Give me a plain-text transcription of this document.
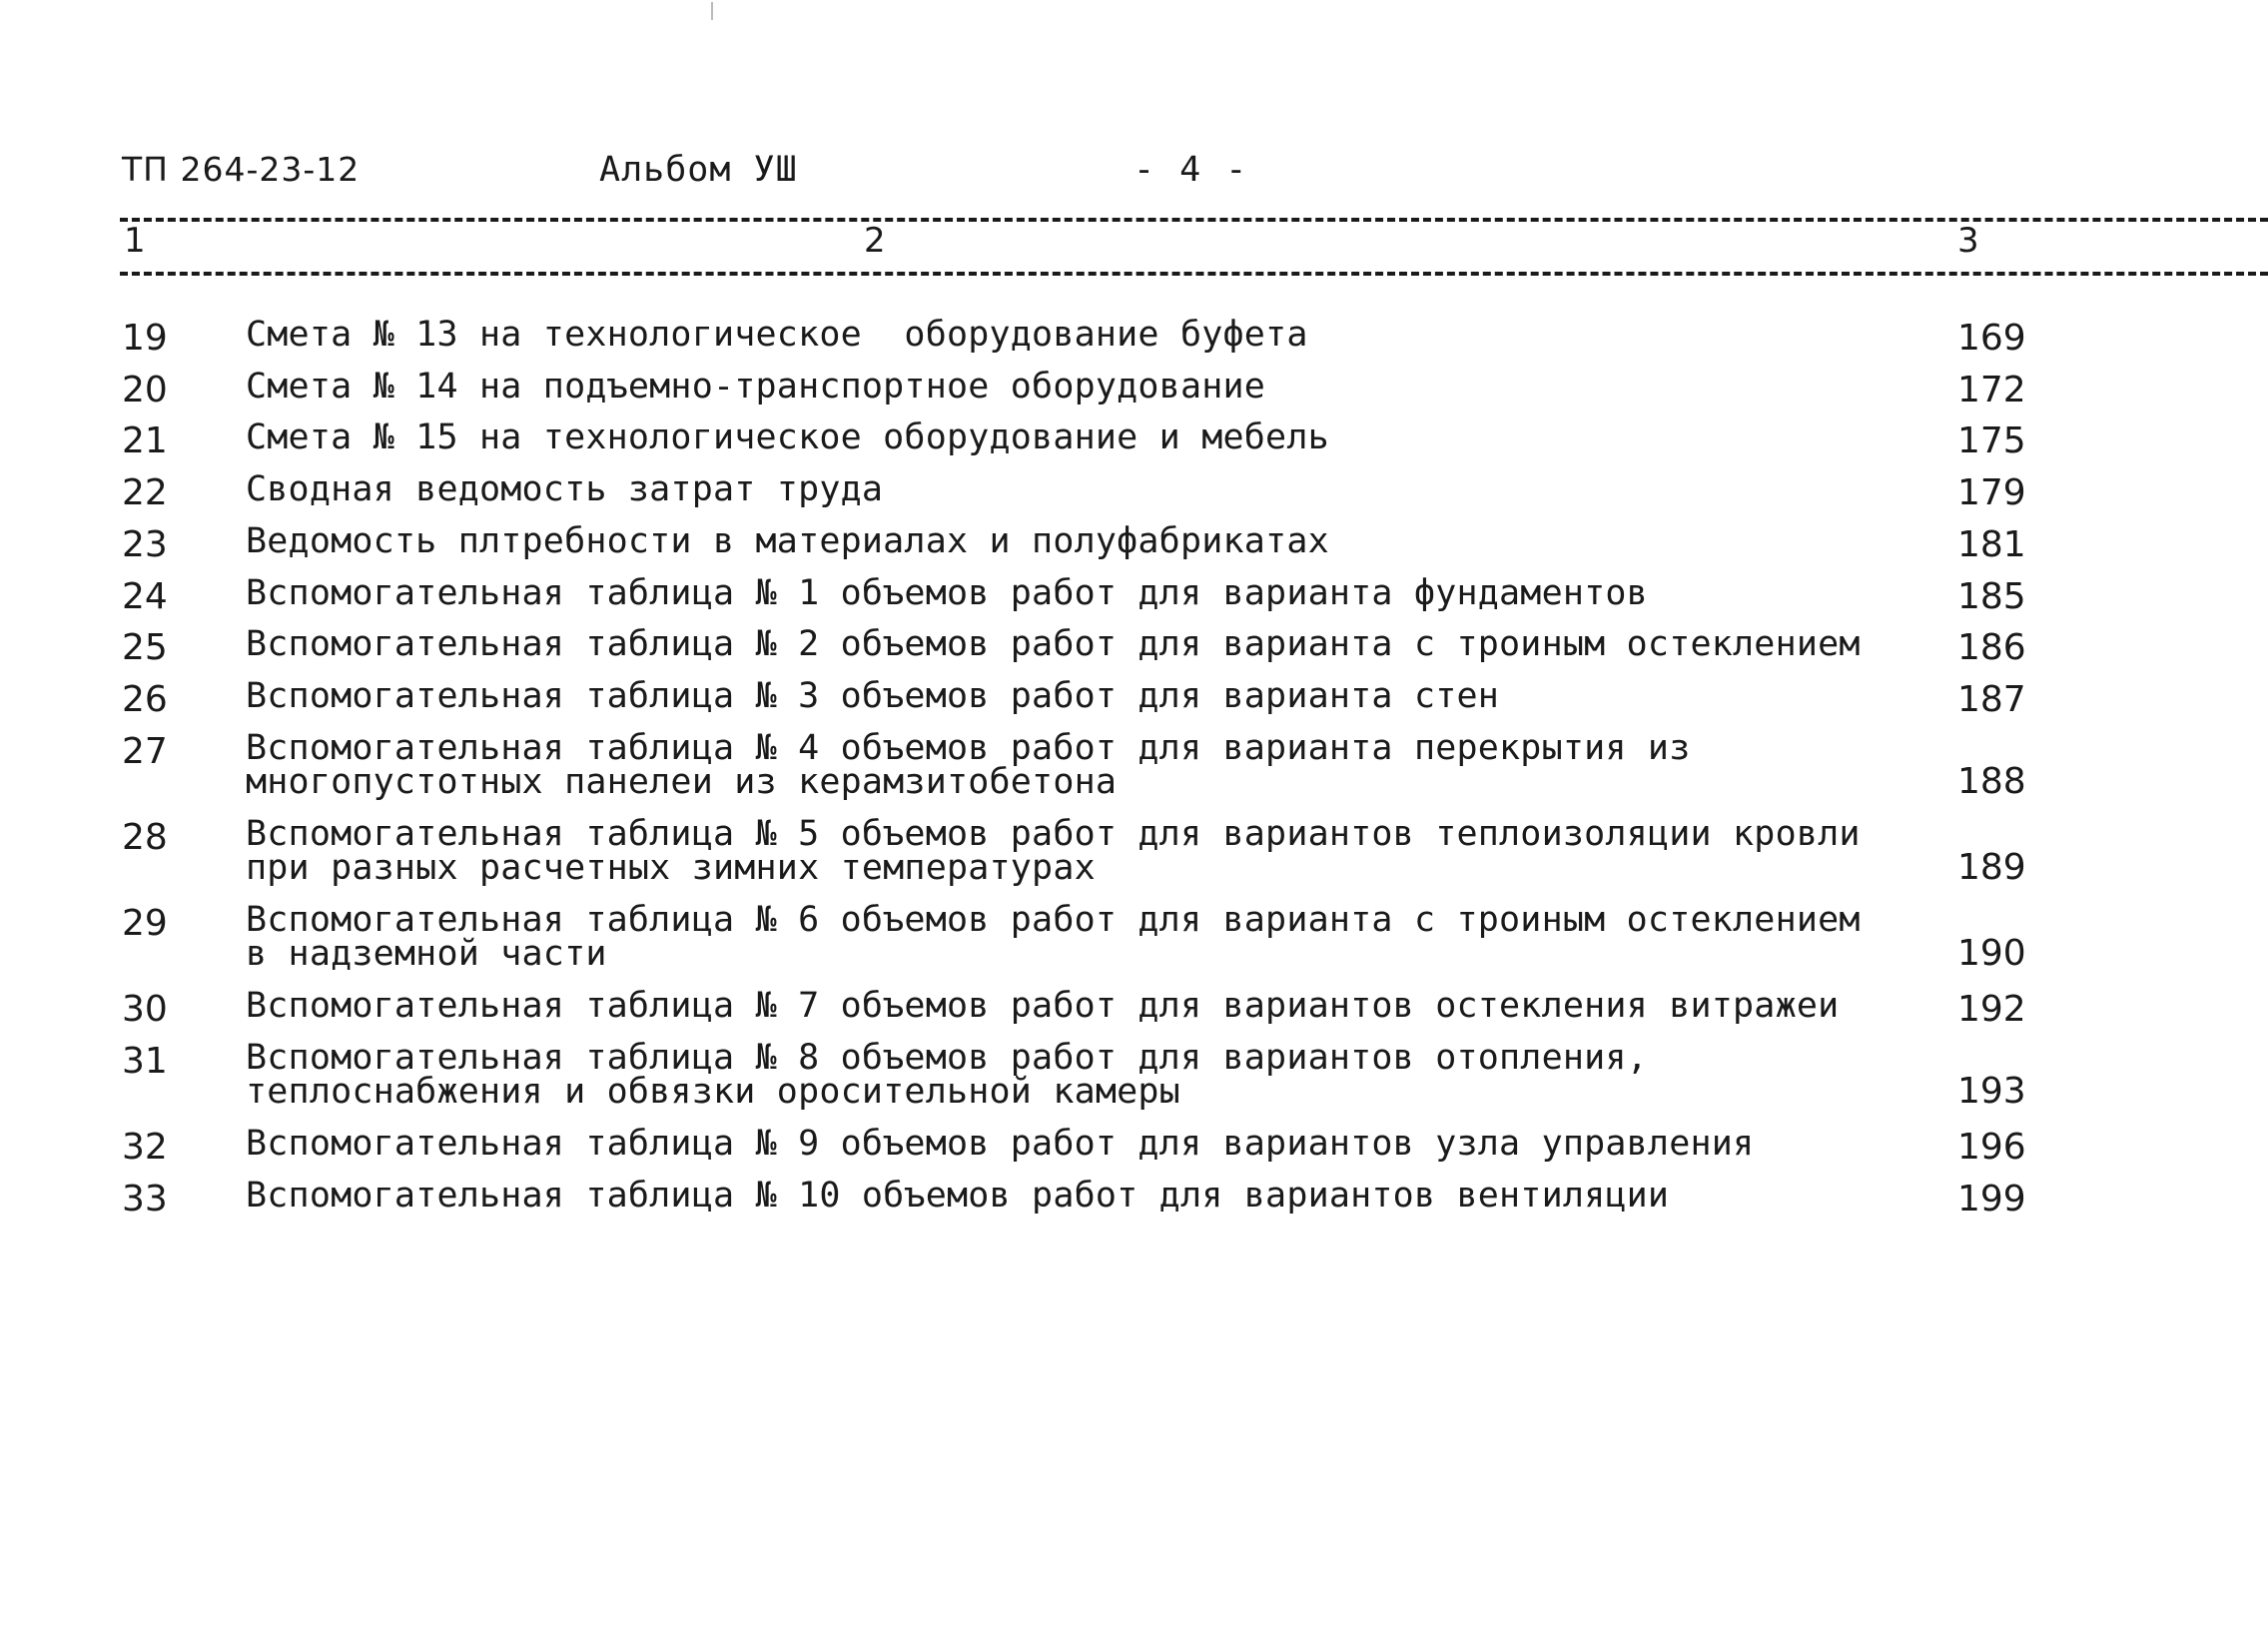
ТП 264-23-12	Альбом УШ	- 4 -
1	2	3
19 Смета № 13 на технологическое  оборудование буфета	169
20 Смета № 14 на подъемно-транспортное оборудование	172
21 Смета № 15 на технологическое оборудование и мебель	175
22 Сводная ведомость затрат труда	179
23 Ведомость плтребности в материалах и полуфабрикатах	181
24 Вспомогательная таблица № 1 объемов работ для варианта фундаментов	185
25 Вспомогательная таблица № 2 объемов работ для варианта с троиным остеклением	186
26 Вспомогательная таблица № 3 объемов работ для варианта стен	187
27 Вспомогательная таблица № 4 объемов работ для варианта перекрытия из
многопустотных панелеи из керамзитобетона	188
28 Вспомогательная таблица № 5 объемов работ для вариантов теплоизоляции кровли
при разных расчетных зимних температурах	189
29 Вспомогательная таблица № 6 объемов работ для варианта с троиным остеклением
в надземной части	190
30 Вспомогательная таблица № 7 объемов работ для вариантов остекления витражеи	192
31 Вспомогательная таблица № 8 объемов работ для вариантов отопления,
теплоснабжения и обвязки оросительной камеры	193
32 Вспомогательная таблица № 9 объемов работ для вариантов узла управления	196
33 Вспомогательная таблица № 10 объемов работ для вариантов вентиляции	199
